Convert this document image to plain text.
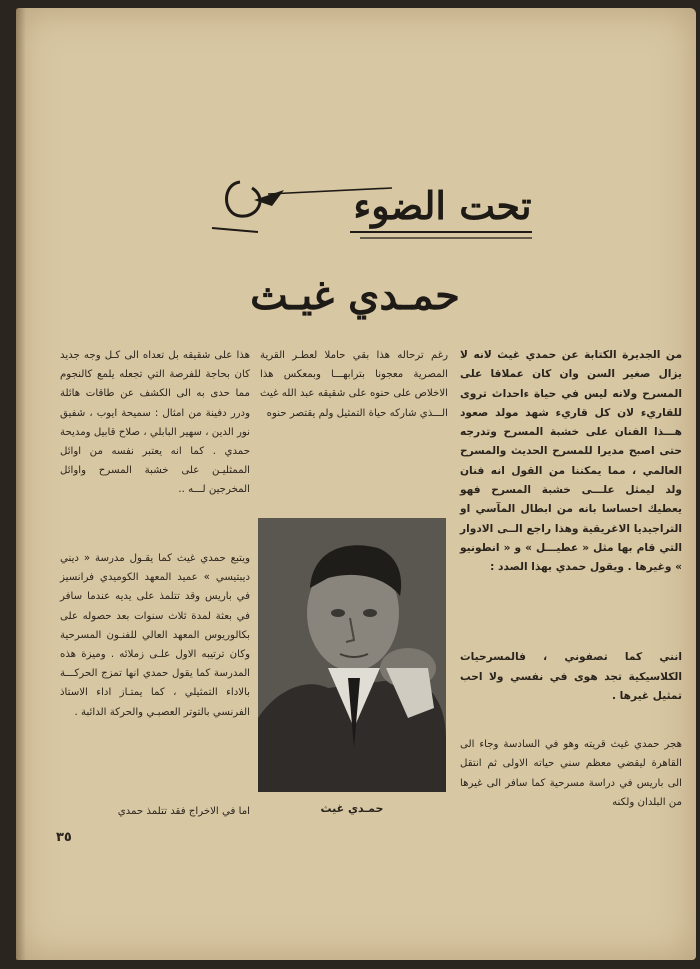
تحت الضوء
حمـدي غيـث
من الجديرة الكتابة عن حمدي غيث لانه لا يزال صغير السن وان كان عملاقا على المسرح ولانه ليس في حياة ءاحداث تروى للقاريء لان كل قاريء شهد مولد صعود هـــذا الفنان على خشبة المسرح وتدرجه حتى اصبح مديرا للمسرح الحديث والمسرح العالمي ، مما يمكننا من القول انه فنان ولد ليمثل علـــى خشبة المسرح فهو يعطيك احساسا بانه من ابطال المآسي او التراجيديا الاغريقية وهذا راجع الــى الادوار التي قام بها مثل « عطيـــل » و « انطونيو » وغيرها . ويقول حمدي بهذا الصدد :
انني كما تصفوني ، فالمسرحيات الكلاسيكية تجد هوى في نفسي ولا احب تمثيل غيرها .
هجر حمدي غيث قريته وهو في السادسة وجاء الى القاهرة ليقضي معظم سني حياته الاولى ثم انتقل الى باريس في دراسة مسرحية كما سافر الى غيرها من البلدان ولكنه
رغم ترحاله هذا بقي حاملا لعطـر القرية المصرية معجونا بترابهـــا وبمعكس هذا الاخلاص على حنوه على شقيقه عبد الله غيث الـــذي شاركه حياة التمثيل ولم يقتصر حنوه
هذا على شقيقه بل تعداه الى كـل وجه جديد كان بحاجة للفرصة التي تجعله يلمع كالنجوم مما حدى به الى الكشف عن طاقات هائلة ودرر دفينة من امثال : سميحة ايوب ، شفيق نور الدين ، سهير البابلي ، صلاح قابيل ومديحة حمدي . كما انه يعتبر نفسه من اوائل الممثليـن على خشبة المسرح واوائل المخرجين لـــه ..
ويتبع حمدي غيث كما يقـول مدرسة « ديني ديبتيسي » عميد المعهد الكوميدي فرانسيز في باريس وقد تتلمذ على يديه عندما سافر في بعثة لمدة ثلاث سنوات بعد حصوله على بكالوريوس المعهد العالي للفنـون المسرحية وكان ترتيبه الاول علـى زملائه . وميزة هذه المدرسة كما يقول حمدي انها تمزج الحركـــة بالاداء التمثيلي ، كما يمتـاز اداء الاستاذ الفرنسي بالتوتر العصبـي والحركة الدائبة .
اما في الاخراج فقد تتلمذ حمدي	حمـدي غيث
٣٥
